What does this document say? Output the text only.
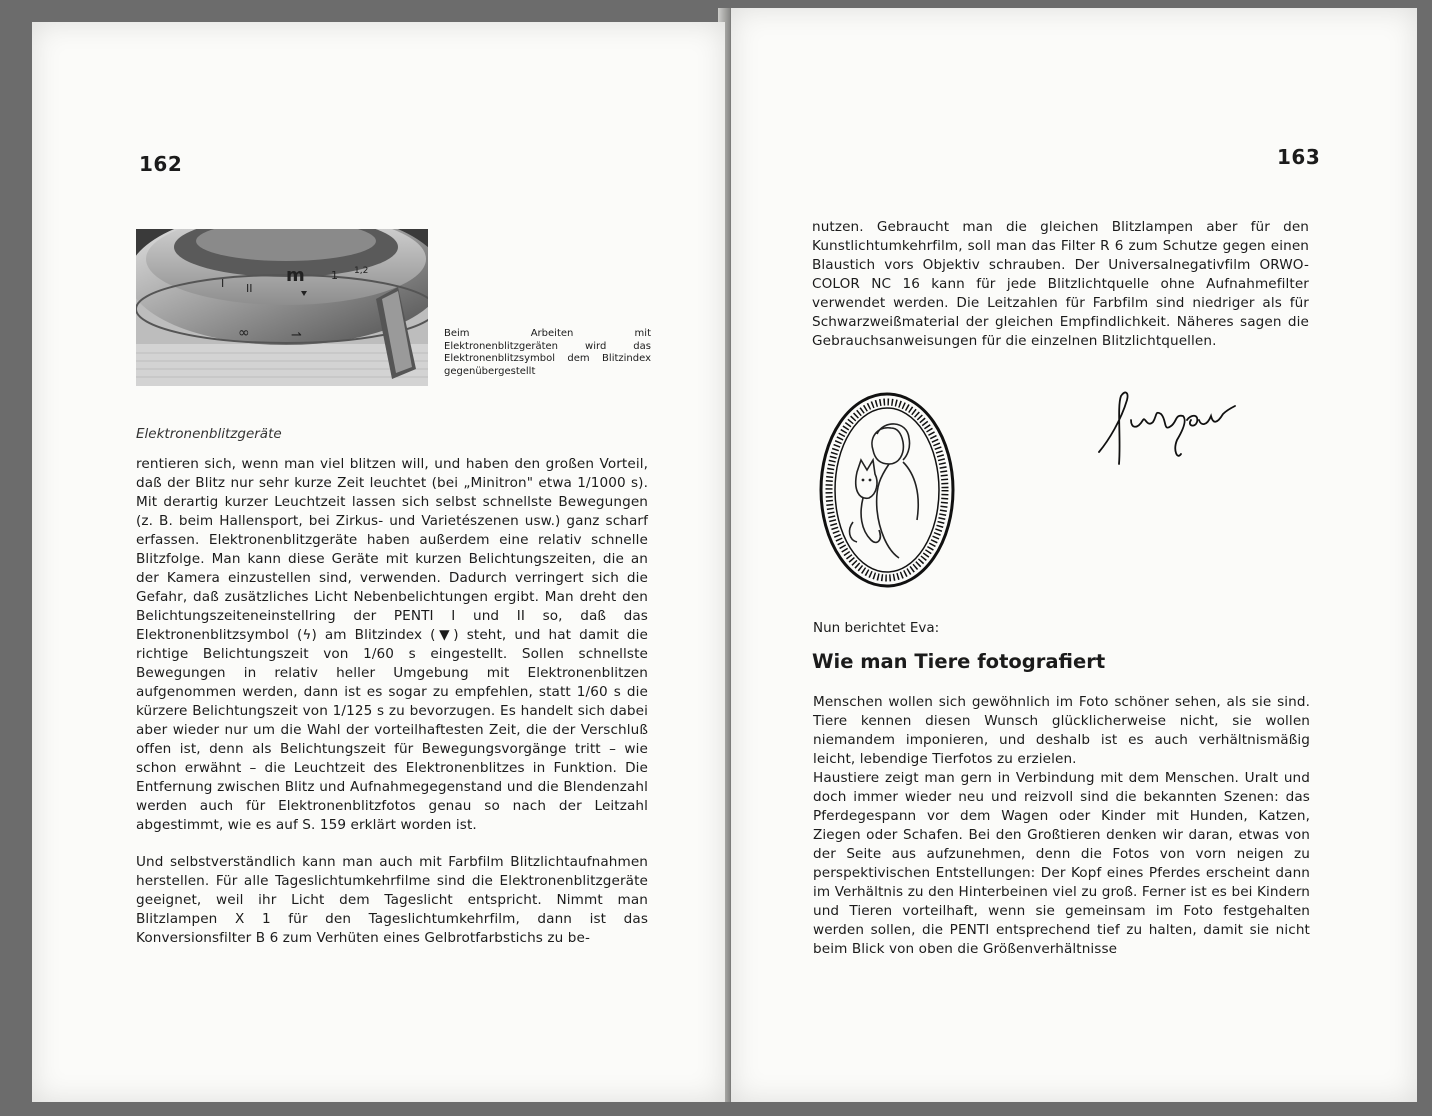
162
m 1 1,2
II
I
∞	⇀	Beim Arbeiten mit Elektronenblitzgeräten wird das Elektronenblitzsymbol dem Blitzindex gegenübergestellt
Elektronenblitzgeräte

rentieren sich, wenn man viel blitzen will, und haben den großen Vorteil, daß der Blitz nur sehr kurze Zeit leuchtet (bei „Minitron" etwa 1/1000 s). Mit derartig kurzer Leuchtzeit lassen sich selbst schnellste Bewegungen (z. B. beim Hallensport, bei Zirkus- und Varietészenen usw.) ganz scharf erfassen. Elektronenblitzgeräte haben außerdem eine relativ schnelle Blitzfolge. Man kann diese Geräte mit kurzen Belichtungszeiten, die an der Kamera einzustellen sind, verwenden. Dadurch verringert sich die Gefahr, daß zusätzliches Licht Nebenbelichtungen ergibt. Man dreht den Belichtungszeiteneinstellring der PENTI I und II so, daß das Elektronenblitzsymbol (ϟ) am Blitzindex (▼) steht, und hat damit die richtige Belichtungszeit von 1/60 s eingestellt. Sollen schnellste Bewegungen in relativ heller Umgebung mit Elektronenblitzen aufgenommen werden, dann ist es sogar zu empfehlen, statt 1/60 s die kürzere Belichtungszeit von 1/125 s zu bevorzugen. Es handelt sich dabei aber wieder nur um die Wahl der vorteilhaftesten Zeit, die der Verschluß offen ist, denn als Belichtungszeit für Bewegungsvorgänge tritt – wie schon erwähnt – die Leuchtzeit des Elektronenblitzes in Funktion. Die Entfernung zwischen Blitz und Aufnahmegegenstand und die Blendenzahl werden auch für Elektronenblitzfotos genau so nach der Leitzahl abgestimmt, wie es auf S. 159 erklärt worden ist.

Und selbstverständlich kann man auch mit Farbfilm Blitzlichtaufnahmen herstellen. Für alle Tageslichtumkehrfilme sind die Elektronenblitzgeräte geeignet, weil ihr Licht dem Tageslicht entspricht. Nimmt man Blitzlampen X 1 für den Tageslichtumkehrfilm, dann ist das Konversionsfilter B 6 zum Verhüten eines Gelbrotfarbstichs zu be-

163
nutzen. Gebraucht man die gleichen Blitzlampen aber für den Kunstlichtumkehrfilm, soll man das Filter R 6 zum Schutze gegen einen Blaustich vors Objektiv schrauben. Der Universalnegativfilm ORWO-COLOR NC 16 kann für jede Blitzlichtquelle ohne Aufnahmefilter verwendet werden. Die Leitzahlen für Farbfilm sind niedriger als für Schwarzweißmaterial der gleichen Empfindlichkeit. Näheres sagen die Gebrauchsanweisungen für die einzelnen Blitzlichtquellen.
Nun berichtet Eva:
Wie man Tiere fotografiert

Menschen wollen sich gewöhnlich im Foto schöner sehen, als sie sind. Tiere kennen diesen Wunsch glücklicherweise nicht, sie wollen niemandem imponieren, und deshalb ist es auch verhältnismäßig leicht, lebendige Tierfotos zu erzielen.

Haustiere zeigt man gern in Verbindung mit dem Menschen. Uralt und doch immer wieder neu und reizvoll sind die bekannten Szenen: das Pferdegespann vor dem Wagen oder Kinder mit Hunden, Katzen, Ziegen oder Schafen. Bei den Großtieren denken wir daran, etwas von der Seite aus aufzunehmen, denn die Fotos von vorn neigen zu perspektivischen Entstellungen: Der Kopf eines Pferdes erscheint dann im Verhältnis zu den Hinterbeinen viel zu groß. Ferner ist es bei Kindern und Tieren vorteilhaft, wenn sie gemeinsam im Foto festgehalten werden sollen, die PENTI entsprechend tief zu halten, damit sie nicht beim Blick von oben die Größenverhältnisse
